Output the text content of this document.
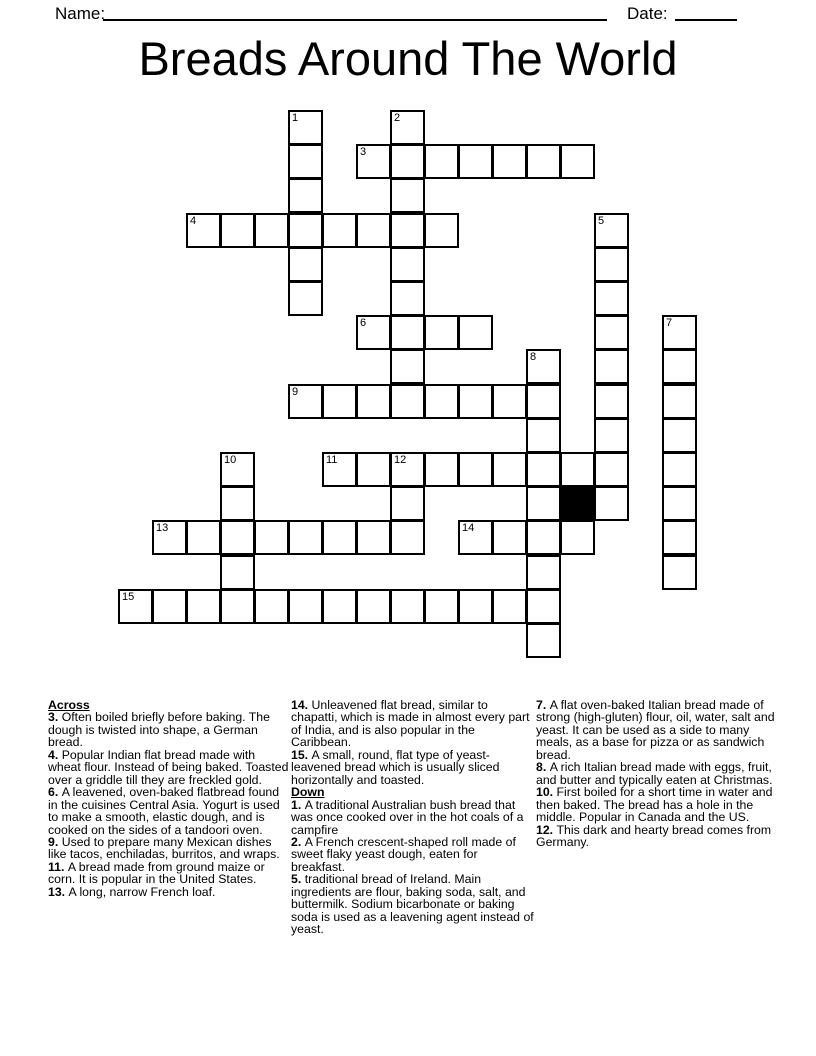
Name:	Date:
Breads Around The World
3
4
6
9
11	12
13	14
15
1	2
5
7
8
10
Across
3. Often boiled briefly before baking. The dough is twisted into shape, a German bread.
4. Popular Indian flat bread made with wheat flour. Instead of being baked. Toasted over a griddle till they are freckled gold.
6. A leavened, oven-baked flatbread found in the cuisines Central Asia. Yogurt is used to make a smooth, elastic dough, and is cooked on the sides of a tandoori oven.
9. Used to prepare many Mexican dishes like tacos, enchiladas, burritos, and wraps.
11. A bread made from ground maize or corn. It is popular in the United States.
13. A long, narrow French loaf.
14. Unleavened flat bread, similar to chapatti, which is made in almost every part of India, and is also popular in the Caribbean.
15. A small, round, flat type of yeast-leavened bread which is usually sliced horizontally and toasted.
Down
1. A traditional Australian bush bread that was once cooked over in the hot coals of a campfire
2. A French crescent-shaped roll made of sweet flaky yeast dough, eaten for breakfast.
5. traditional bread of Ireland. Main ingredients are flour, baking soda, salt, and buttermilk. Sodium bicarbonate or baking soda is used as a leavening agent instead of yeast.
7. A flat oven-baked Italian bread made of strong (high-gluten) flour, oil, water, salt and yeast. It can be used as a side to many meals, as a base for pizza or as sandwich bread.
8. A rich Italian bread made with eggs, fruit, and butter and typically eaten at Christmas.
10. First boiled for a short time in water and then baked. The bread has a hole in the middle. Popular in Canada and the US.
12. This dark and hearty bread comes from Germany.
